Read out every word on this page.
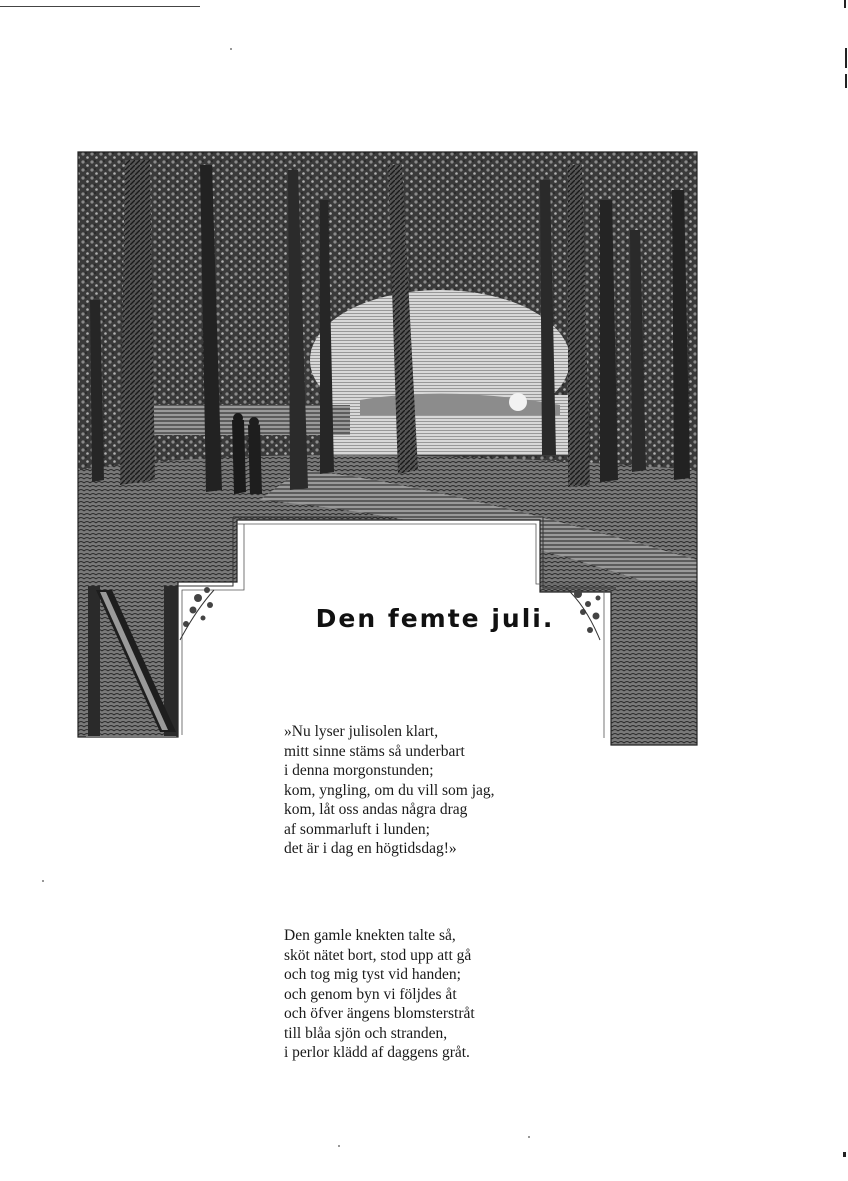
Den femte juli.
»Nu lyser julisolen klart,
mitt sinne stäms så underbart
i denna morgonstunden;
kom, yngling, om du vill som jag,
kom, låt oss andas några drag
af sommarluft i lunden;
det är i dag en högtidsdag!»
Den gamle knekten talte så,
sköt nätet bort, stod upp att gå
och tog mig tyst vid handen;
och genom byn vi följdes åt
och öfver ängens blomsterstråt
till blåa sjön och stranden,
i perlor klädd af daggens gråt.
